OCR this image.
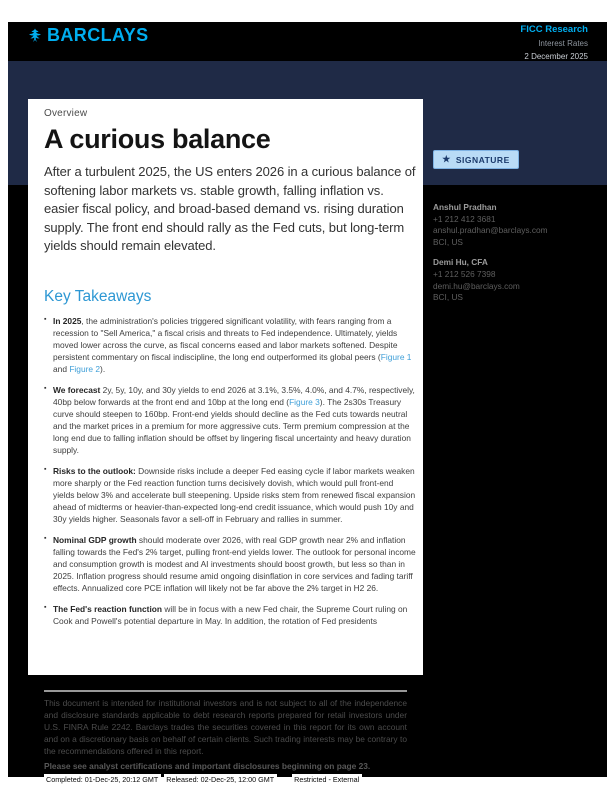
BARCLAYS	FICC Research
Interest Rates
2 December 2025
Overview
A curious balance

After a turbulent 2025, the US enters 2026 in a curious balance of softening labor markets vs. stable growth, falling inflation vs. easier fiscal policy, and broad-based demand vs. rising duration supply. The front end should rally as the Fed cuts, but long-term yields should remain elevated.

Key Takeaways
▪ In 2025, the administration's policies triggered significant volatility, with fears ranging from a recession to "Sell America," a fiscal crisis and threats to Fed independence. Ultimately, yields moved lower across the curve, as fiscal concerns eased and labor markets softened. Despite persistent commentary on fiscal indiscipline, the long end outperformed its global peers (Figure 1 and Figure 2).
▪ We forecast 2y, 5y, 10y, and 30y yields to end 2026 at 3.1%, 3.5%, 4.0%, and 4.7%, respectively, 40bp below forwards at the front end and 10bp at the long end (Figure 3). The 2s30s Treasury curve should steepen to 160bp. Front-end yields should decline as the Fed cuts towards neutral and the market prices in a premium for more aggressive cuts. Term premium compression at the long end due to falling inflation should be offset by lingering fiscal uncertainty and heavy duration supply.
▪ Risks to the outlook: Downside risks include a deeper Fed easing cycle if labor markets weaken more sharply or the Fed reaction function turns decisively dovish, which would pull front-end yields below 3% and accelerate bull steepening. Upside risks stem from renewed fiscal expansion ahead of midterms or heavier-than-expected long-end credit issuance, which would push 10y and 30y yields higher. Seasonals favor a sell-off in February and rallies in summer.
▪ Nominal GDP growth should moderate over 2026, with real GDP growth near 2% and inflation falling towards the Fed's 2% target, pulling front-end yields lower. The outlook for personal income and consumption growth is modest and AI investments should boost growth, but less so than in 2025. Inflation progress should resume amid ongoing disinflation in core services and fading tariff effects. Annualized core PCE inflation will likely not be far above the 2% target in H2 26.
▪ The Fed's reaction function will be in focus with a new Fed chair, the Supreme Court ruling on Cook and Powell's potential departure in May. In addition, the rotation of Fed presidents
★ SIGNATURE
Anshul Pradhan
+1 212 412 3681
anshul.pradhan@barclays.com
BCI, US
Demi Hu, CFA
+1 212 526 7398
demi.hu@barclays.com
BCI, US

This document is intended for institutional investors and is not subject to all of the independence and disclosure standards applicable to debt research reports prepared for retail investors under U.S. FINRA Rule 2242. Barclays trades the securities covered in this report for its own account and on a discretionary basis on behalf of certain clients. Such trading interests may be contrary to the recommendations offered in this report.

Please see analyst certifications and important disclosures beginning on page 23.

Completed: 01-Dec-25, 20:12 GMT	Released: 02-Dec-25, 12:00 GMT	Restricted - External
